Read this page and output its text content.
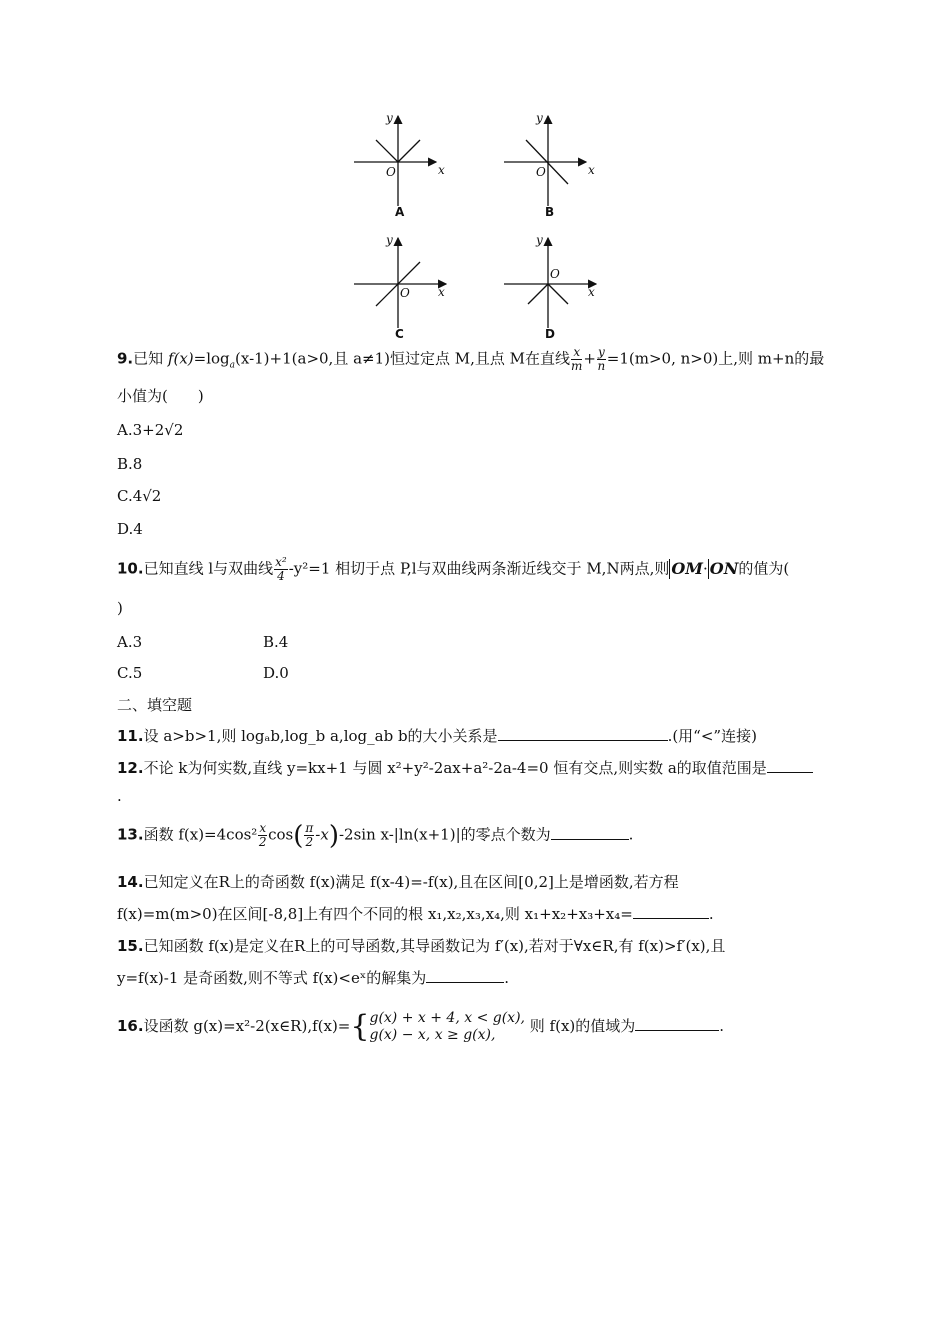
y
x
O
y
x
O
y
x
O
y
x
O
A	B
C	D
9.已知 $f(x)=\log_a(x-1)+1(a>0$,且 a≠1)恒过定点 M,且点 M在直线 $\frac{x}{m} + \frac{y}{n} =1(m>0$, n>0)上,则 m+n的最
小值为(　　)
A.3+2√2
B.8
C.4√2
D.4
10.已知直线 l与双曲线 $\frac{\text{x²}}{4} -y^2=1$ 相切于点 P,l与双曲线两条渐近线交于 M,N两点,则 OM· ON的值为(
)
A.3	B.4
C.5	D.0
二、填空题
11.设 a>b>1,则 logₐb,log_b a,log_ab b的大小关系是	.(用“<”连接)
12.不论 k为何实数,直线 y=kx+1 与圆 x²+y²-2ax+a²-2a-4=0 恒有交点,则实数 a的取值范围是
.
13.函数 $f(x)=4\cos^2 \frac{x}{2} \cos( \frac{\pi}{2} -x)-2\sin$ x-|ln(x+1)|的零点个数为	.
14.已知定义在R上的奇函数 f(x)满足 f(x-4)=-f(x),且在区间[0,2]上是增函数,若方程
f(x)=m(m>0)在区间[-8,8]上有四个不同的根 x₁,x₂,x₃,x₄,则 x₁+x₂+x₃+x₄=	.
15.已知函数 f(x)是定义在R上的可导函数,其导函数记为 f′(x),若对于∀x∈R,有 f(x)>f′(x),且
y=f(x)-1 是奇函数,则不等式 f(x)<eˣ的解集为	.
16.设函数 g(x)=x²-2(x∈R),f(x)={ g(x) + x + 4, x < g(x),
g(x) − x, x ≥ g(x),	则 f(x)的值域为	.
